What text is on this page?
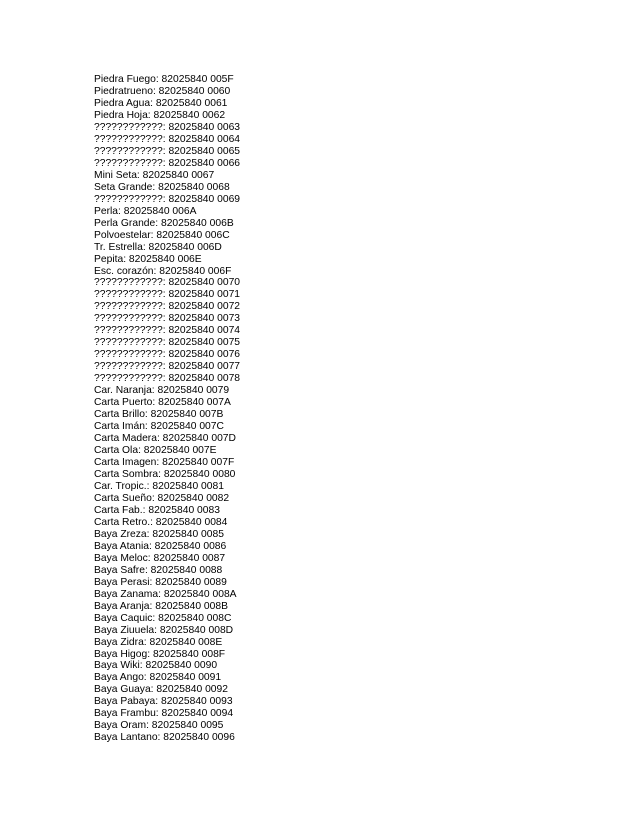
Piedra Fuego: 82025840 005F
Piedratrueno: 82025840 0060
Piedra Agua: 82025840 0061
Piedra Hoja: 82025840 0062
????????????: 82025840 0063
????????????: 82025840 0064
????????????: 82025840 0065
????????????: 82025840 0066
Mini Seta: 82025840 0067
Seta Grande: 82025840 0068
????????????: 82025840 0069
Perla: 82025840 006A
Perla Grande: 82025840 006B
Polvoestelar: 82025840 006C
Tr. Estrella: 82025840 006D
Pepita: 82025840 006E
Esc. corazón: 82025840 006F
????????????: 82025840 0070
????????????: 82025840 0071
????????????: 82025840 0072
????????????: 82025840 0073
????????????: 82025840 0074
????????????: 82025840 0075
????????????: 82025840 0076
????????????: 82025840 0077
????????????: 82025840 0078
Car. Naranja: 82025840 0079
Carta Puerto: 82025840 007A
Carta Brillo: 82025840 007B
Carta Imán: 82025840 007C
Carta Madera: 82025840 007D
Carta Ola: 82025840 007E
Carta Imagen: 82025840 007F
Carta Sombra: 82025840 0080
Car. Tropic.: 82025840 0081
Carta Sueño: 82025840 0082
Carta Fab.: 82025840 0083
Carta Retro.: 82025840 0084
Baya Zreza: 82025840 0085
Baya Atania: 82025840 0086
Baya Meloc: 82025840 0087
Baya Safre: 82025840 0088
Baya Perasi: 82025840 0089
Baya Zanama: 82025840 008A
Baya Aranja: 82025840 008B
Baya Caquic: 82025840 008C
Baya Ziuuela: 82025840 008D
Baya Zidra: 82025840 008E
Baya Higog: 82025840 008F
Baya Wiki: 82025840 0090
Baya Ango: 82025840 0091
Baya Guaya: 82025840 0092
Baya Pabaya: 82025840 0093
Baya Frambu: 82025840 0094
Baya Oram: 82025840 0095
Baya Lantano: 82025840 0096
